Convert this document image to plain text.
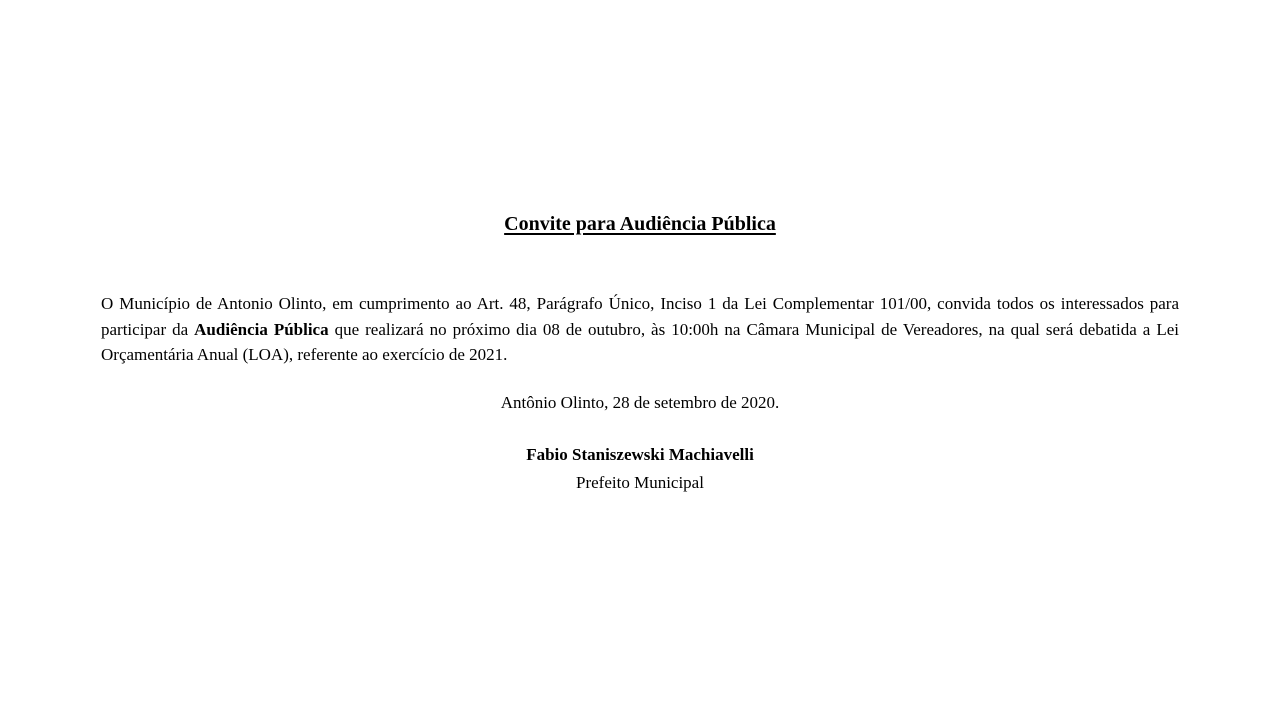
Convite para Audiência Pública

O Município de Antonio Olinto, em cumprimento ao Art. 48, Parágrafo Único, Inciso 1 da Lei Complementar 101/00, convida todos os interessados para participar da Audiência Pública que realizará no próximo dia 08 de outubro, às 10:00h na Câmara Municipal de Vereadores, na qual será debatida a Lei Orçamentária Anual (LOA), referente ao exercício de 2021.

Antônio Olinto, 28 de setembro de 2020.

Fabio Staniszewski Machiavelli
Prefeito Municipal
